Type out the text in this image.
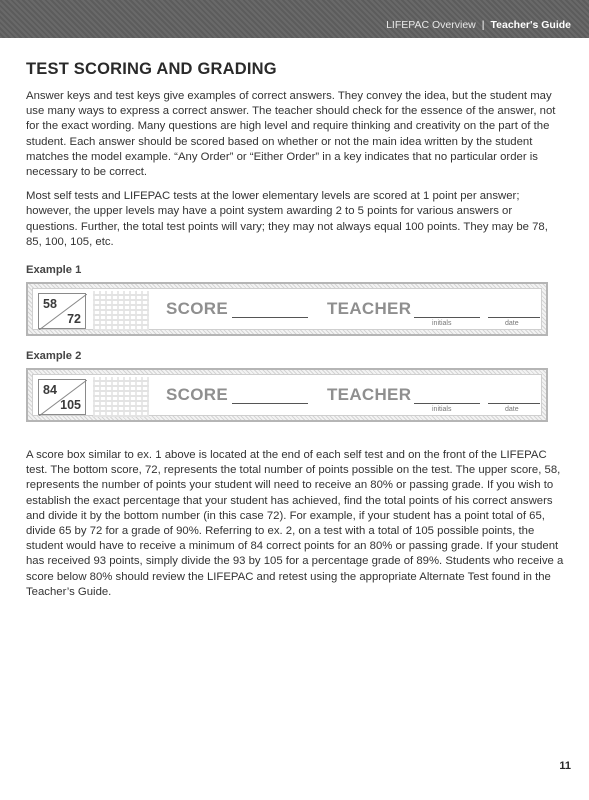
LIFEPAC Overview | Teacher's Guide
TEST SCORING AND GRADING

Answer keys and test keys give examples of correct answers. They convey the idea, but the student may use many ways to express a correct answer. The teacher should check for the essence of the answer, not for the exact wording. Many questions are high level and require thinking and creativity on the part of the student. Each answer should be scored based on whether or not the main idea written by the student matches the model example. “Any Order” or “Either Order” in a key indicates that no particular order is necessary to be correct.

Most self tests and LIFEPAC tests at the lower elementary levels are scored at 1 point per answer; however, the upper levels may have a point system awarding 2 to 5 points for various answers or questions. Further, the total test points will vary; they may not always equal 100 points. They may be 78, 85, 100, 105, etc.

Example 1
58
72
SCORE	TEACHER
initials	date
Example 2
84
105
SCORE	TEACHER
initials	date

A score box similar to ex. 1 above is located at the end of each self test and on the front of the LIFEPAC test. The bottom score, 72, represents the total number of points possible on the test. The upper score, 58, represents the number of points your student will need to receive an 80% or passing grade. If you wish to establish the exact percentage that your student has achieved, find the total points of his correct answers and divide it by the bottom number (in this case 72). For example, if your student has a point total of 65, divide 65 by 72 for a grade of 90%. Referring to ex. 2, on a test with a total of 105 possible points, the student would have to receive a minimum of 84 correct points for an 80% or passing grade. If your student has received 93 points, simply divide the 93 by 105 for a percentage grade of 89%. Students who receive a score below 80% should review the LIFEPAC and retest using the appropriate Alternate Test found in the Teacher’s Guide.

11
